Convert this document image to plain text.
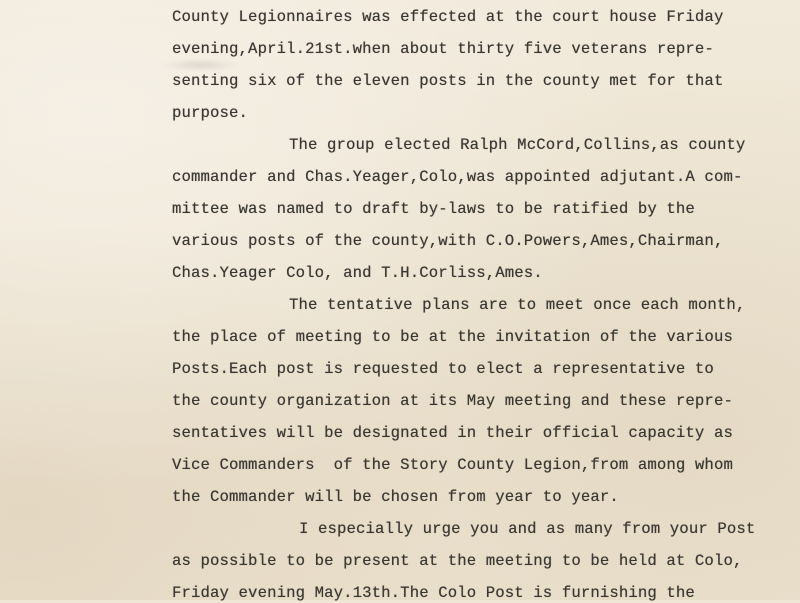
County Legionnaires was effected at the court house Friday
evening,April.21st.when about thirty five veterans repre-
senting six of the eleven posts in the county met for that
purpose.
The group elected Ralph McCord,Collins,as county
commander and Chas.Yeager,Colo,was appointed adjutant.A com-
mittee was named to draft by-laws to be ratified by the
various posts of the county,with C.O.Powers,Ames,Chairman,
Chas.Yeager Colo, and T.H.Corliss,Ames.
The tentative plans are to meet once each month,
the place of meeting to be at the invitation of the various
Posts.Each post is requested to elect a representative to
the county organization at its May meeting and these repre-
sentatives will be designated in their official capacity as
Vice Commanders  of the Story County Legion,from among whom
the Commander will be chosen from year to year.
I especially urge you and as many from your Post
as possible to be present at the meeting to be held at Colo,
Friday evening May.13th.The Colo Post is furnishing the
